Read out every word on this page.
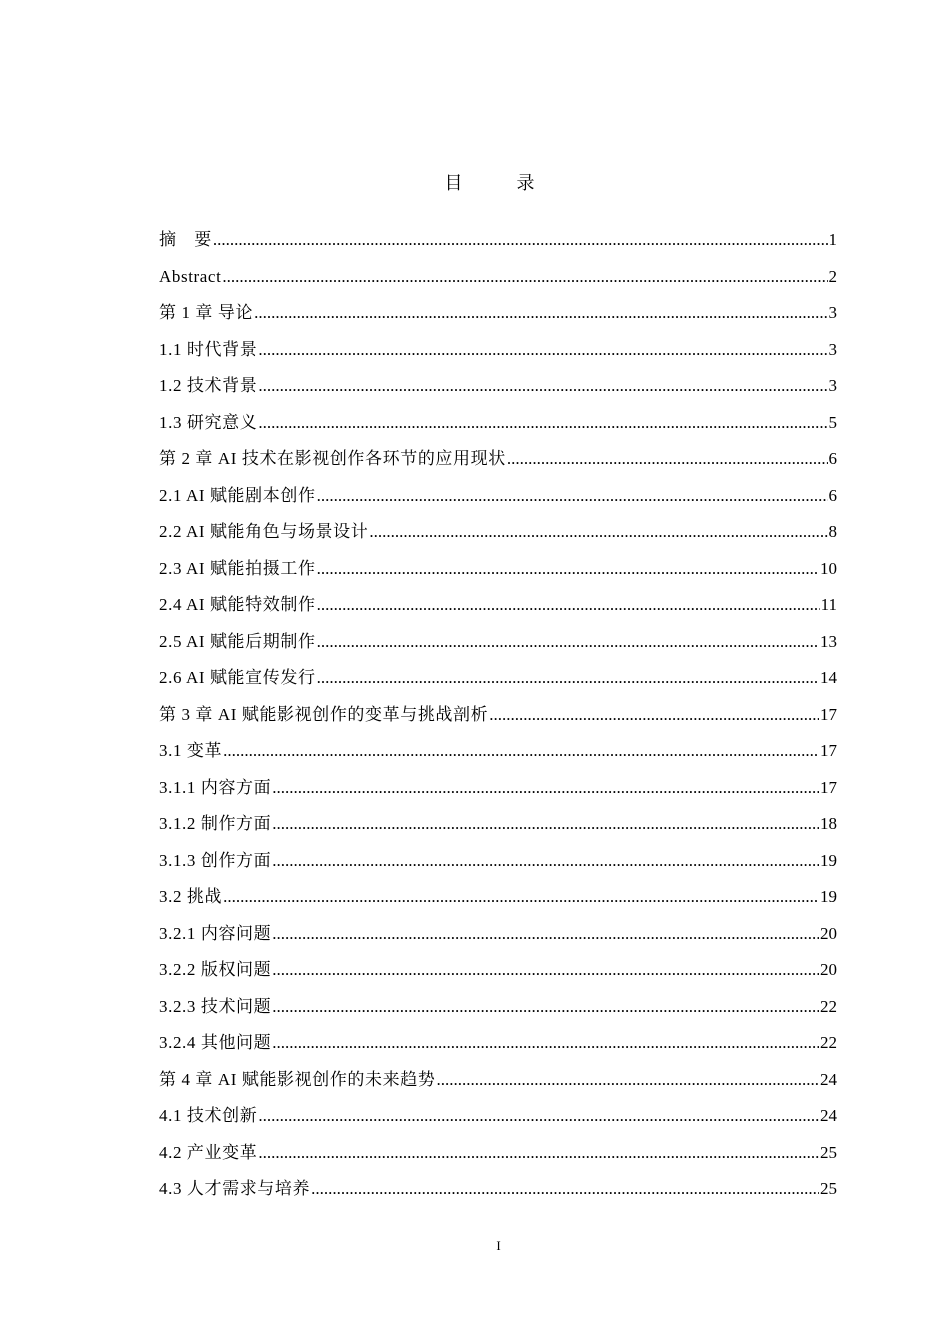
目　录
摘　要 .....	1
Abstract .....	2
第 1 章 导论 .....	3
1.1 时代背景 .....	3
1.2 技术背景 .....	3
1.3 研究意义 .....	5
第 2 章 AI 技术在影视创作各环节的应用现状 .....	6
2.1 AI 赋能剧本创作 .....	6
2.2 AI 赋能角色与场景设计 .....	8
2.3 AI 赋能拍摄工作 .....	10
2.4 AI 赋能特效制作 .....	11
2.5 AI 赋能后期制作 .....	13
2.6 AI 赋能宣传发行 .....	14
第 3 章 AI 赋能影视创作的变革与挑战剖析 .....	17
3.1 变革 .....	17
3.1.1 内容方面 .....	17
3.1.2 制作方面 .....	18
3.1.3 创作方面 .....	19
3.2 挑战 .....	19
3.2.1 内容问题 .....	20
3.2.2 版权问题 .....	20
3.2.3 技术问题 .....	22
3.2.4 其他问题 .....	22
第 4 章 AI 赋能影视创作的未来趋势 .....	24
4.1 技术创新 .....	24
4.2 产业变革 .....	25
4.3 人才需求与培养 .....	25
I
